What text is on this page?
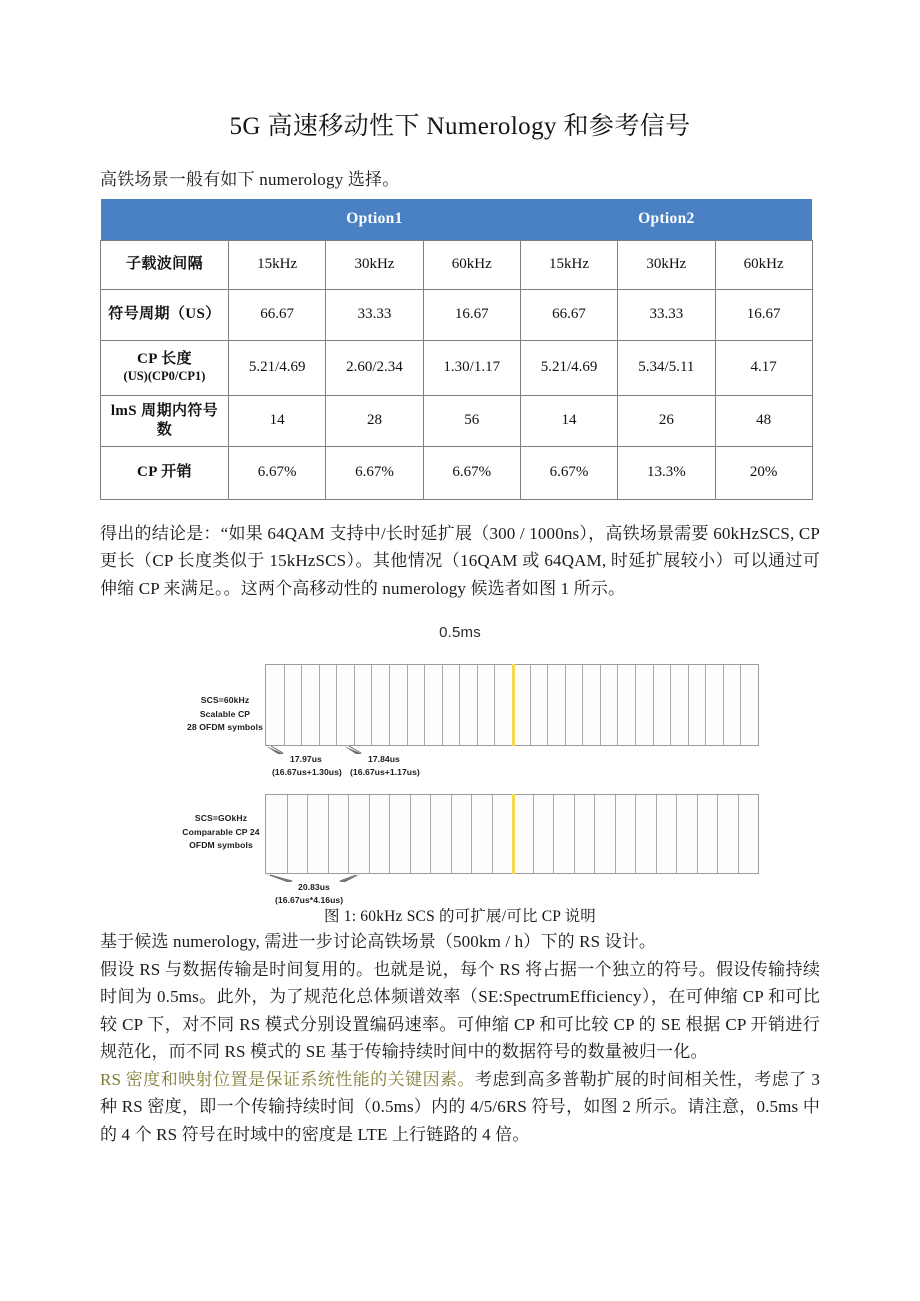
5G 高速移动性下 Numerology 和参考信号

高铁场景一般有如下 numerology 选择。

	Option1			Option2		
子载波间隔	15kHz	30kHz	60kHz	15kHz	30kHz	60kHz
符号周期（US）	66.67	33.33	16.67	66.67	33.33	16.67
CP 长度
(US)(CP0/CP1)	5.21/4.69	2.60/2.34	1.30/1.17	5.21/4.69	5.34/5.11	4.17
lmS 周期内符号数	14	28	56	14	26	48
CP 开销	6.67%	6.67%	6.67%	6.67%	13.3%	20%

得出的结论是：“如果 64QAM 支持中/长时延扩展（300 / 1000ns），高铁场景需要 60kHzSCS, CP 更长（CP 长度类似于 15kHzSCS）。其他情况（16QAM 或 64QAM, 时延扩展较小）可以通过可伸缩 CP 来满足。。这两个高移动性的 numerology 候选者如图 1 所示。

0.5ms
SCS=60kHz
Scalable CP
28 OFDM symbols
SCS=GOkHz
Comparable CP 24
OFDM symbols
17.97us
(16.67us+1.30us)
17.84us
(16.67us+1.17us)
20.83us
(16.67us*4.16us)

图 1: 60kHz SCS 的可扩展/可比 CP 说明

基于候选 numerology, 需进一步讨论高铁场景（500km / h）下的 RS 设计。

假设 RS 与数据传输是时间复用的。也就是说，每个 RS 将占据一个独立的符号。假设传输持续时间为 0.5ms。此外，为了规范化总体频谱效率（SE:SpectrumEfficiency），在可伸缩 CP 和可比较 CP 下，对不同 RS 模式分别设置编码速率。可伸缩 CP 和可比较 CP 的 SE 根据 CP 开销进行规范化，而不同 RS 模式的 SE 基于传输持续时间中的数据符号的数量被归一化。

RS 密度和映射位置是保证系统性能的关键因素。考虑到高多普勒扩展的时间相关性，考虑了 3 种 RS 密度，即一个传输持续时间（0.5ms）内的 4/5/6RS 符号，如图 2 所示。请注意，0.5ms 中的 4 个 RS 符号在时域中的密度是 LTE 上行链路的 4 倍。
